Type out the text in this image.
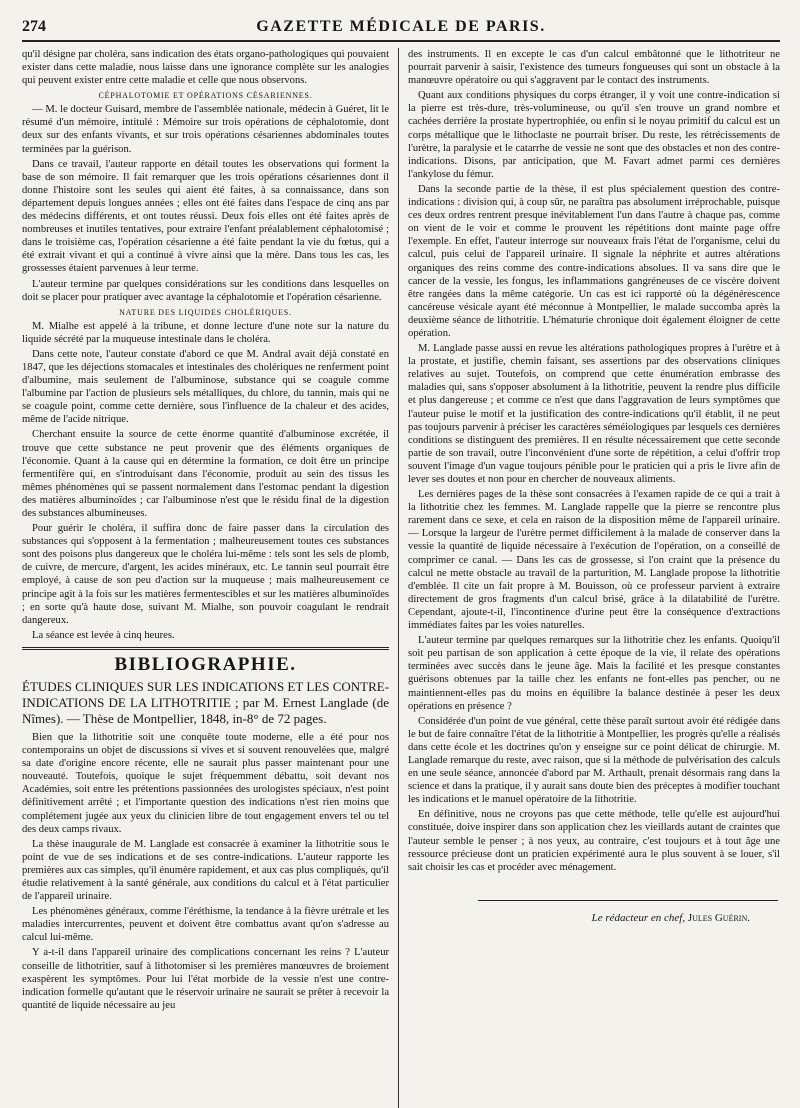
274	GAZETTE MÉDICALE DE PARIS.

qu'il désigne par choléra, sans indication des états organo-pathologiques qui pouvaient exister dans cette maladie, nous laisse dans une ignorance complète sur les analogies qui peuvent exister entre cette maladie et celle que nous observons.

CÉPHALOTOMIE ET OPÉRATIONS CÉSARIENNES.

— M. le docteur Guisard, membre de l'assemblée nationale, médecin à Guéret, lit le résumé d'un mémoire, intitulé : Mémoire sur trois opérations de céphalotomie, dont deux sur des enfants vivants, et sur trois opérations césariennes abdominales toutes terminées par la guérison.

Dans ce travail, l'auteur rapporte en détail toutes les observations qui forment la base de son mémoire. Il fait remarquer que les trois opérations césariennes dont il donne l'histoire sont les seules qui aient été faites, à sa connaissance, dans son département depuis longues années ; elles ont été faites dans l'espace de cinq ans par des médecins différents, et ont toutes réussi. Deux fois elles ont été faites après de nombreuses et inutiles tentatives, pour extraire l'enfant préalablement céphalotomisé ; dans le troisième cas, l'opération césarienne a été faite pendant la vie du fœtus, qui a été extrait vivant et qui a continué à vivre ainsi que la mère. Dans tous les cas, les grossesses étaient parvenues à leur terme.

L'auteur termine par quelques considérations sur les conditions dans lesquelles on doit se placer pour pratiquer avec avantage la céphalotomie et l'opération césarienne.

NATURE DES LIQUIDES CHOLÉRIQUES.

M. Mialhe est appelé à la tribune, et donne lecture d'une note sur la nature du liquide sécrété par la muqueuse intestinale dans le choléra.

Dans cette note, l'auteur constate d'abord ce que M. Andral avait déjà constaté en 1847, que les déjections stomacales et intestinales des cholériques ne renferment point d'albumine, mais seulement de l'albuminose, substance qui se coagule comme l'albumine par l'action de plusieurs sels métalliques, du chlore, du tannin, mais qui ne se coagule point, comme cette dernière, sous l'influence de la chaleur et des acides, même de l'acide nitrique.

Cherchant ensuite la source de cette énorme quantité d'albuminose excrétée, il trouve que cette substance ne peut provenir que des éléments organiques de l'économie. Quant à la cause qui en détermine la formation, ce doit être un principe fermentifère qui, en s'introduisant dans l'économie, produit au sein des tissus les mêmes phénomènes qui se passent normalement dans l'estomac pendant la digestion des matières albuminoïdes ; car l'albuminose n'est que le résidu final de la digestion des substances albumineuses.

Pour guérir le choléra, il suffira donc de faire passer dans la circulation des substances qui s'opposent à la fermentation ; malheureusement toutes ces substances sont des poisons plus dangereux que le choléra lui-même : tels sont les sels de plomb, de cuivre, de mercure, d'argent, les acides minéraux, etc. Le tannin seul pourrait être employé, à cause de son peu d'action sur la muqueuse ; mais malheureusement ce principe agit à la fois sur les matières fermentescibles et sur les matières albuminoïdes ; en sorte qu'à haute dose, suivant M. Mialhe, son pouvoir coagulant le rendrait dangereux.

La séance est levée à cinq heures.

BIBLIOGRAPHIE.
ÉTUDES CLINIQUES SUR LES INDICATIONS ET LES CONTRE-INDICATIONS DE LA LITHOTRITIE ; par M. Ernest Langlade (de Nîmes). — Thèse de Montpellier, 1848, in-8° de 72 pages.

Bien que la lithotritie soit une conquête toute moderne, elle a été pour nos contemporains un objet de discussions si vives et si souvent renouvelées que, malgré sa date d'origine encore récente, elle ne saurait plus passer maintenant pour une nouveauté. Toutefois, quoique le sujet fréquemment débattu, soit devant nos Académies, soit entre les prétentions passionnées des urologistes spéciaux, n'est point définitivement arrêté ; et l'importante question des indications n'est rien moins que complétement jugée aux yeux du clinicien libre de tout engagement envers tel ou tel des deux camps rivaux.

La thèse inaugurale de M. Langlade est consacrée à examiner la lithotritie sous le point de vue de ses indications et de ses contre-indications. L'auteur rapporte les premières aux cas simples, qu'il énumère rapidement, et aux cas plus compliqués, qu'il étudie relativement à la santé générale, aux conditions du calcul et à l'état particulier de l'appareil urinaire.

Les phénomènes généraux, comme l'éréthisme, la tendance à la fièvre urétrale et les maladies intercurrentes, peuvent et doivent être combattus avant qu'on s'adresse au calcul lui-même.

Y a-t-il dans l'appareil urinaire des complications concernant les reins ? L'auteur conseille de lithotritier, sauf à lithotomiser si les premières manœuvres de broiement exaspèrent les symptômes. Pour lui l'état morbide de la vessie n'est une contre-indication formelle qu'autant que le réservoir urinaire ne saurait se prêter à recevoir la quantité de liquide nécessaire au jeu

des instruments. Il en excepte le cas d'un calcul embâtonné que le lithotriteur ne pourrait parvenir à saisir, l'existence des tumeurs fongueuses qui sont un obstacle à la manœuvre opératoire ou qui s'aggravent par le contact des instruments.

Quant aux conditions physiques du corps étranger, il y voit une contre-indication si la pierre est très-dure, très-volumineuse, ou qu'il s'en trouve un grand nombre et cachées derrière la prostate hypertrophiée, ou enfin si le noyau primitif du calcul est un corps métallique que le lithoclaste ne pourrait briser. Du reste, les rétrécissements de l'urètre, la paralysie et le catarrhe de vessie ne sont que des obstacles et non des contre-indications. Disons, par anticipation, que M. Favart admet parmi ces dernières l'ankylose du fémur.

Dans la seconde partie de la thèse, il est plus spécialement question des contre-indications : division qui, à coup sûr, ne paraîtra pas absolument irréprochable, puisque ces deux ordres rentrent presque inévitablement l'un dans l'autre à chaque pas, comme on vient de le voir et comme le prouvent les répétitions dont mainte page offre l'exemple. En effet, l'auteur interroge sur nouveaux frais l'état de l'organisme, celui du calcul, puis celui de l'appareil urinaire. Il signale la néphrite et autres altérations organiques des reins comme des contre-indications absolues. Il va sans dire que le cancer de la vessie, les fongus, les inflammations gangréneuses de ce viscère doivent être rangées dans la même catégorie. Un cas est ici rapporté où la dégénérescence cancéreuse vésicale ayant été méconnue à Montpellier, le malade succomba après la deuxième séance de lithotritie. L'hématurie chronique doit également éloigner de cette opération.

M. Langlade passe aussi en revue les altérations pathologiques propres à l'urètre et à la prostate, et justifie, chemin faisant, ses assertions par des observations cliniques relatives au sujet. Toutefois, on comprend que cette énumération embrasse des maladies qui, sans s'opposer absolument à la lithotritie, peuvent la rendre plus difficile et plus dangereuse ; et comme ce n'est que dans l'aggravation de leurs symptômes que l'auteur puise le motif et la justification des contre-indications qu'il établit, il ne peut pas toujours parvenir à préciser les caractères séméiologiques par lesquels ces dernières conditions se distinguent des premières. Il en résulte nécessairement que cette seconde partie de son travail, outre l'inconvénient d'une sorte de répétition, a celui d'offrir trop souvent l'image d'un vague toujours pénible pour le praticien qui a pris le livre afin de lever ses doutes et non pour en chercher de nouveaux aliments.

Les dernières pages de la thèse sont consacrées à l'examen rapide de ce qui a trait à la lithotritie chez les femmes. M. Langlade rappelle que la pierre se rencontre plus rarement dans ce sexe, et cela en raison de la disposition même de l'appareil urinaire. — Lorsque la largeur de l'urètre permet difficilement à la malade de conserver dans la vessie la quantité de liquide nécessaire à l'exécution de l'opération, on a conseillé de comprimer ce canal. — Dans les cas de grossesse, si l'on craint que la présence du calcul ne mette obstacle au travail de la parturition, M. Langlade propose la lithotritie d'emblée. Il cite un fait propre à M. Bouisson, où ce professeur parvient à extraire directement de gros fragments d'un calcul brisé, grâce à la dilatabilité de l'urètre. Cependant, ajoute-t-il, l'incontinence d'urine peut être la conséquence d'extractions immédiates faites par les voies naturelles.

L'auteur termine par quelques remarques sur la lithotritie chez les enfants. Quoiqu'il soit peu partisan de son application à cette époque de la vie, il relate des opérations terminées avec succès dans le jeune âge. Mais la facilité et les presque constantes guérisons obtenues par la taille chez les enfants ne font-elles pas pencher, ou ne maintiennent-elles pas du moins en équilibre la balance destinée à peser les deux opérations en présence ?

Considérée d'un point de vue général, cette thèse paraît surtout avoir été rédigée dans le but de faire connaître l'état de la lithotritie à Montpellier, les progrès qu'elle a réalisés dans cette école et les doctrines qu'on y enseigne sur ce point délicat de chirurgie. M. Langlade remarque du reste, avec raison, que si la méthode de pulvérisation des calculs en une seule séance, annoncée d'abord par M. Arthault, prenait désormais rang dans la science et dans la pratique, il y aurait sans doute bien des préceptes à modifier touchant les indications et le manuel opératoire de la lithotritie.

En définitive, nous ne croyons pas que cette méthode, telle qu'elle est aujourd'hui constituée, doive inspirer dans son application chez les vieillards autant de craintes que l'auteur semble le penser ; à nos yeux, au contraire, c'est toujours et à tout âge une ressource précieuse dont un praticien expérimenté aura le plus souvent à se louer, s'il sait choisir les cas et procéder avec ménagement.

Le rédacteur en chef, Jules Guérin.
